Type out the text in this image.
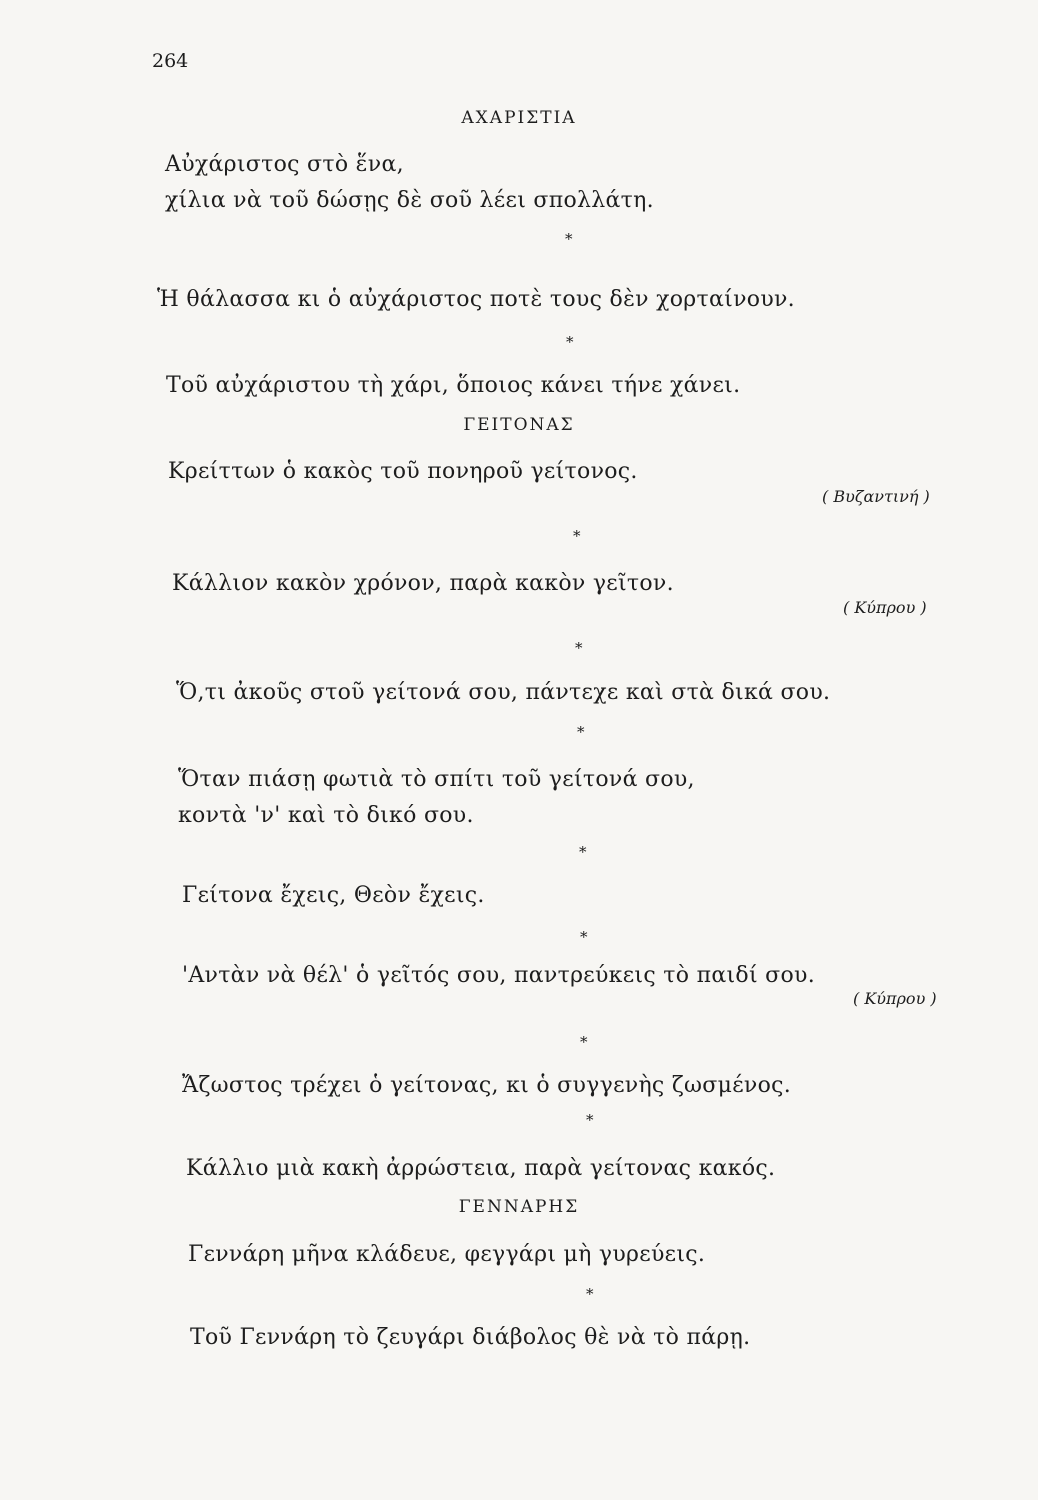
264
ΑΧΑΡΙΣΤΙΑ
Αὐχάριστος στὸ ἕνα,
χίλια νὰ τοῦ δώσῃς δὲ σοῦ λέει σπολλάτη.
*
Ἡ θάλασσα κι ὁ αὐχάριστος ποτὲ τους δὲν χορταίνουν.
*
Τοῦ αὐχάριστου τὴ χάρι, ὅποιος κάνει τήνε χάνει.
ΓΕΙΤΟΝΑΣ
Κρείττων ὁ κακὸς τοῦ πονηροῦ γείτονος.
( Βυζαντινή )
*
Κάλλιον κακὸν χρόνον, παρὰ κακὸν γεῖτον.
( Κύπρου )
*
Ὅ,τι ἀκοῦς στοῦ γείτονά σου, πάντεχε καὶ στὰ δικά σου.
*
Ὅταν πιάσῃ φωτιὰ τὸ σπίτι τοῦ γείτονά σου,
κοντὰ 'ν' καὶ τὸ δικό σου.
*
Γείτονα ἔχεις, Θεὸν ἔχεις.
*
'Αντὰν νὰ θέλ' ὁ γεῖτός σου, παντρεύκεις τὸ παιδί σου.
( Κύπρου )
*
Ἄζωστος τρέχει ὁ γείτονας, κι ὁ συγγενὴς ζωσμένος.
*
Κάλλιο μιὰ κακὴ ἀρρώστεια, παρὰ γείτονας κακός.
ΓΕΝΝΑΡΗΣ
Γεννάρη μῆνα κλάδευε, φεγγάρι μὴ γυρεύεις.
*
Τοῦ Γεννάρη τὸ ζευγάρι διάβολος θὲ νὰ τὸ πάρῃ.
